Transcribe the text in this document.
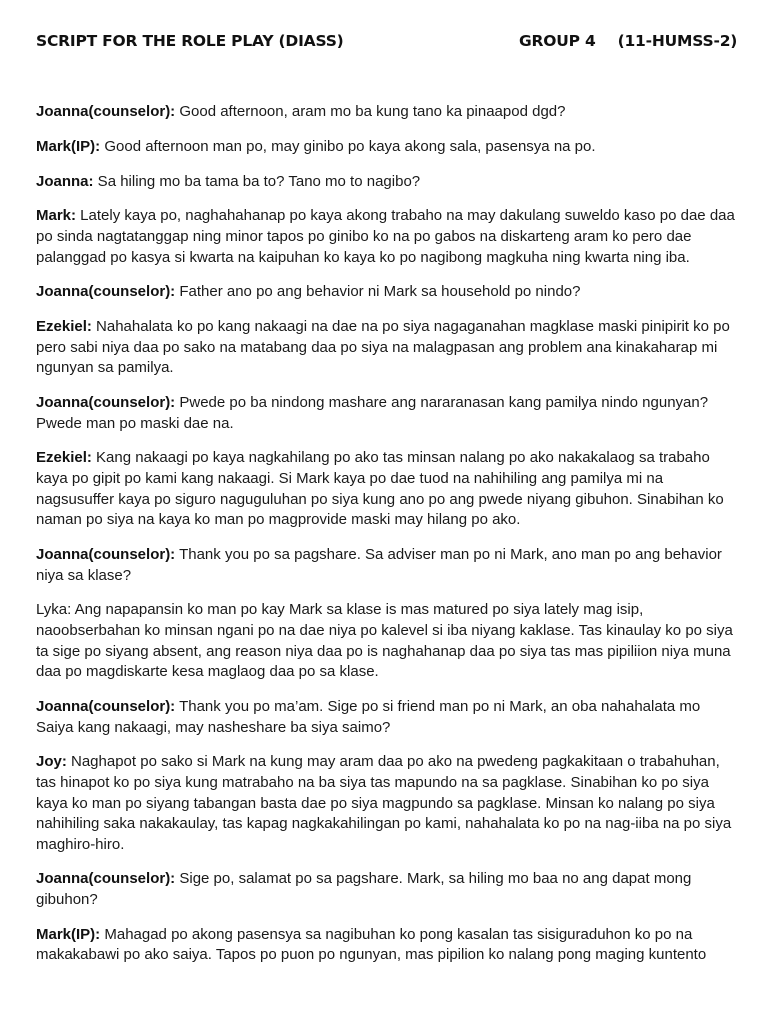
SCRIPT FOR THE ROLE PLAY (DIASS)	GROUP 4 (11-HUMSS-2)

Joanna(counselor): Good afternoon, aram mo ba kung tano ka pinaapod dgd?

Mark(IP): Good afternoon man po, may ginibo po kaya akong sala, pasensya na po.

Joanna: Sa hiling mo ba tama ba to? Tano mo to nagibo?

Mark: Lately kaya po, naghahahanap po kaya akong trabaho na may dakulang suweldo kaso po dae daa po sinda nagtatanggap ning minor tapos po ginibo ko na po gabos na diskarteng aram ko pero dae palanggad po kasya si kwarta na kaipuhan ko kaya ko po nagibong magkuha ning kwarta ning iba.

Joanna(counselor): Father ano po ang behavior ni Mark sa household po nindo?

Ezekiel: Nahahalata ko po kang nakaagi na dae na po siya nagaganahan magklase maski pinipirit ko po pero sabi niya daa po sako na matabang daa po siya na malagpasan ang problem ana kinakaharap mi ngunyan sa pamilya.

Joanna(counselor): Pwede po ba nindong mashare ang nararanasan kang pamilya nindo ngunyan? Pwede man po maski dae na.

Ezekiel: Kang nakaagi po kaya nagkahilang po ako tas minsan nalang po ako nakakalaog sa trabaho kaya po gipit po kami kang nakaagi. Si Mark kaya po dae tuod na nahihiling ang pamilya mi na nagsusuffer kaya po siguro naguguluhan po siya kung ano po ang pwede niyang gibuhon. Sinabihan ko naman po siya na kaya ko man po magprovide maski may hilang po ako.

Joanna(counselor): Thank you po sa pagshare. Sa adviser man po ni Mark, ano man po ang behavior niya sa klase?

Lyka: Ang napapansin ko man po kay Mark sa klase is mas matured po siya lately mag isip, naoobserbahan ko minsan ngani po na dae niya po kalevel si iba niyang kaklase. Tas kinaulay ko po siya ta sige po siyang absent, ang reason niya daa po is naghahanap daa po siya tas mas pipiliion niya muna daa po magdiskarte kesa maglaog daa po sa klase.

Joanna(counselor): Thank you po ma’am. Sige po si friend man po ni Mark, an oba nahahalata mo Saiya kang nakaagi, may nasheshare ba siya saimo?

Joy: Naghapot po sako si Mark na kung may aram daa po ako na pwedeng pagkakitaan o trabahuhan, tas hinapot ko po siya kung matrabaho na ba siya tas mapundo na sa pagklase. Sinabihan ko po siya kaya ko man po siyang tabangan basta dae po siya magpundo sa pagklase. Minsan ko nalang po siya nahihiling saka nakakaulay, tas kapag nagkakahilingan po kami, nahahalata ko po na nag-iiba na po siya maghiro-hiro.

Joanna(counselor): Sige po, salamat po sa pagshare. Mark, sa hiling mo baa no ang dapat mong gibuhon?

Mark(IP): Mahagad po akong pasensya sa nagibuhan ko pong kasalan tas sisiguraduhon ko po na makakabawi po ako saiya. Tapos po puon po ngunyan, mas pipilion ko nalang pong maging kuntento
